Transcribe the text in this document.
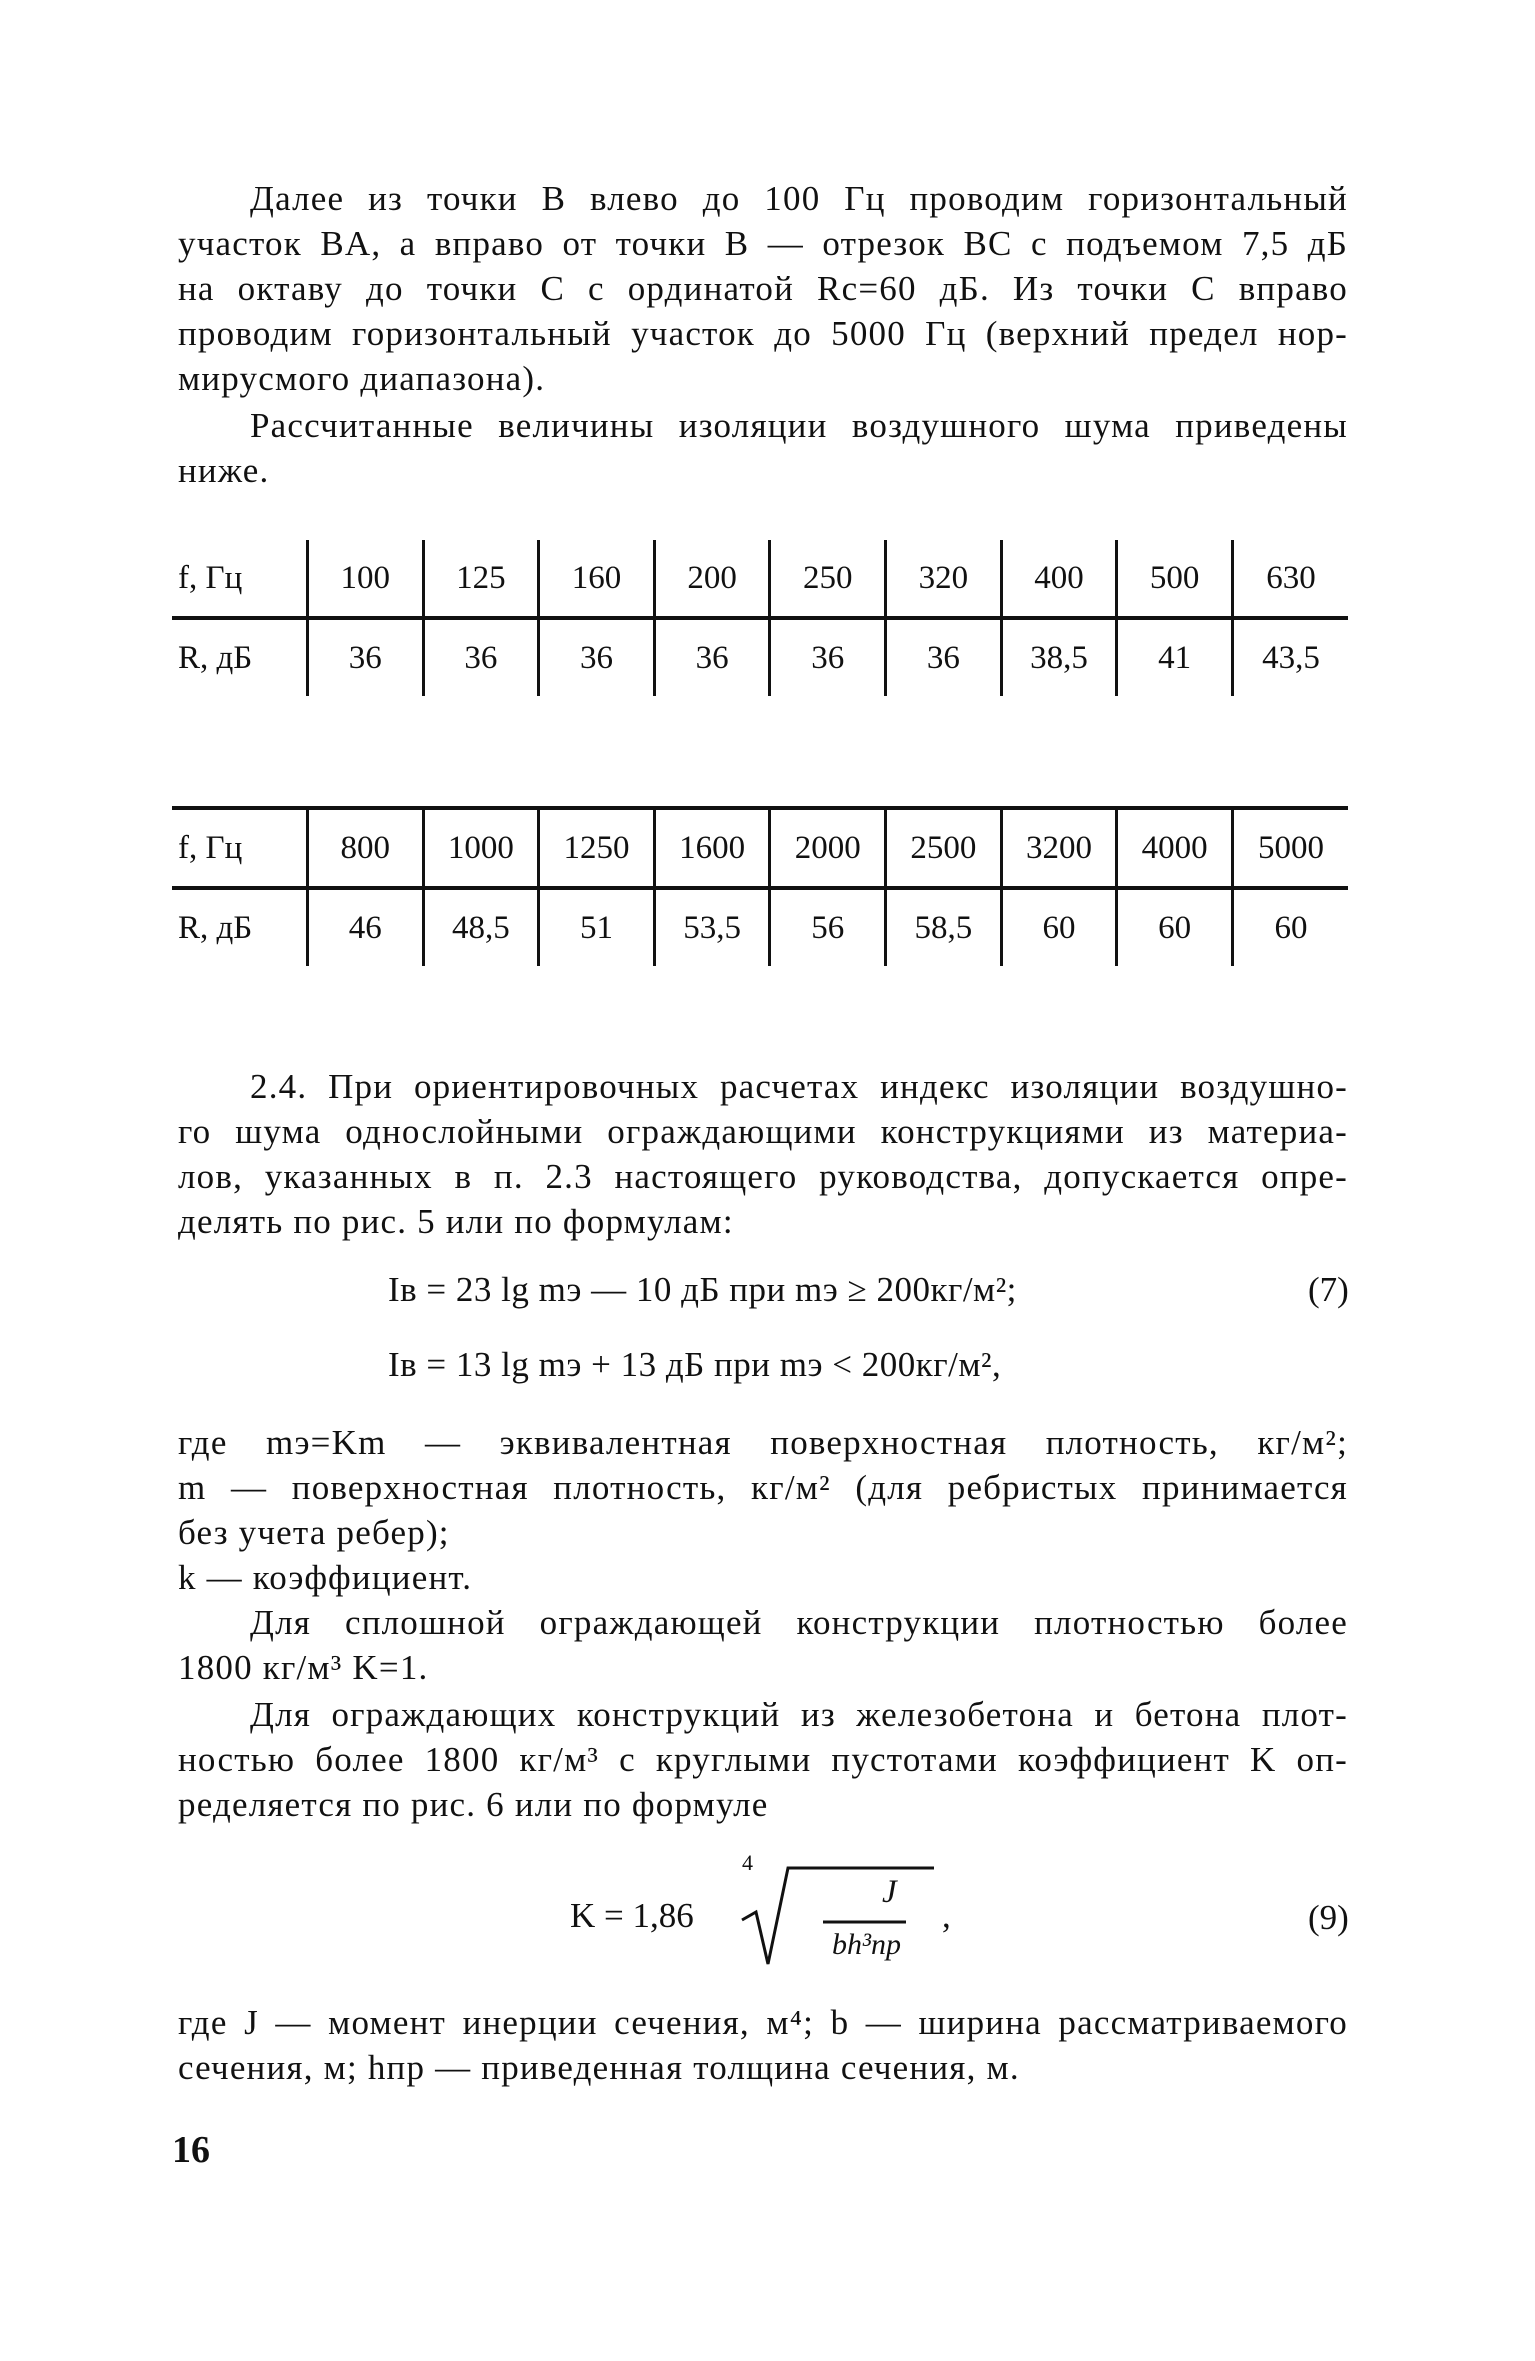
Далее из точки B влево до 100 Гц проводим горизонтальный
участок BA, а вправо от точки B — отрезок BC с подъемом 7,5 дБ
на октаву до точки C с ординатой Rc=60 дБ. Из точки C вправо
проводим горизонтальный участок до 5000 Гц (верхний предел нор-
мирусмого диапазона).
Рассчитанные величины изоляции воздушного шума приведены
ниже.
f, Гц	100	125	160	200	250	320	400	500	630
R, дБ	36	36	36	36	36	36	38,5	41	43,5
f, Гц	800	1000	1250	1600	2000	2500	3200	4000	5000
R, дБ	46	48,5	51	53,5	56	58,5	60	60	60
2.4. При ориентировочных расчетах индекс изоляции воздушно-
го шума однослойными ограждающими конструкциями из материа-
лов, указанных в п. 2.3 настоящего руководства, допускается опре-
делять по рис. 5 или по формулам:
Iв = 23 lg mэ — 10 дБ при mэ ≥ 200кг/м²;	(7)
Iв = 13 lg mэ + 13 дБ при mэ < 200кг/м²,
где mэ=Km — эквивалентная поверхностная плотность, кг/м²;
m — поверхностная плотность, кг/м² (для ребристых принимается
без учета ребер);
k — коэффициент.
Для сплошной ограждающей конструкции плотностью более
1800 кг/м³ K=1.
Для ограждающих конструкций из железобетона и бетона плот-
ностью более 1800 кг/м³ с круглыми пустотами коэффициент K оп-
ределяется по рис. 6 или по формуле
K = 1,86
4
J
bh³пр
,	(9)
где J — момент инерции сечения, м⁴; b — ширина рассматриваемого
сечения, м; hпр — приведенная толщина сечения, м.
16
